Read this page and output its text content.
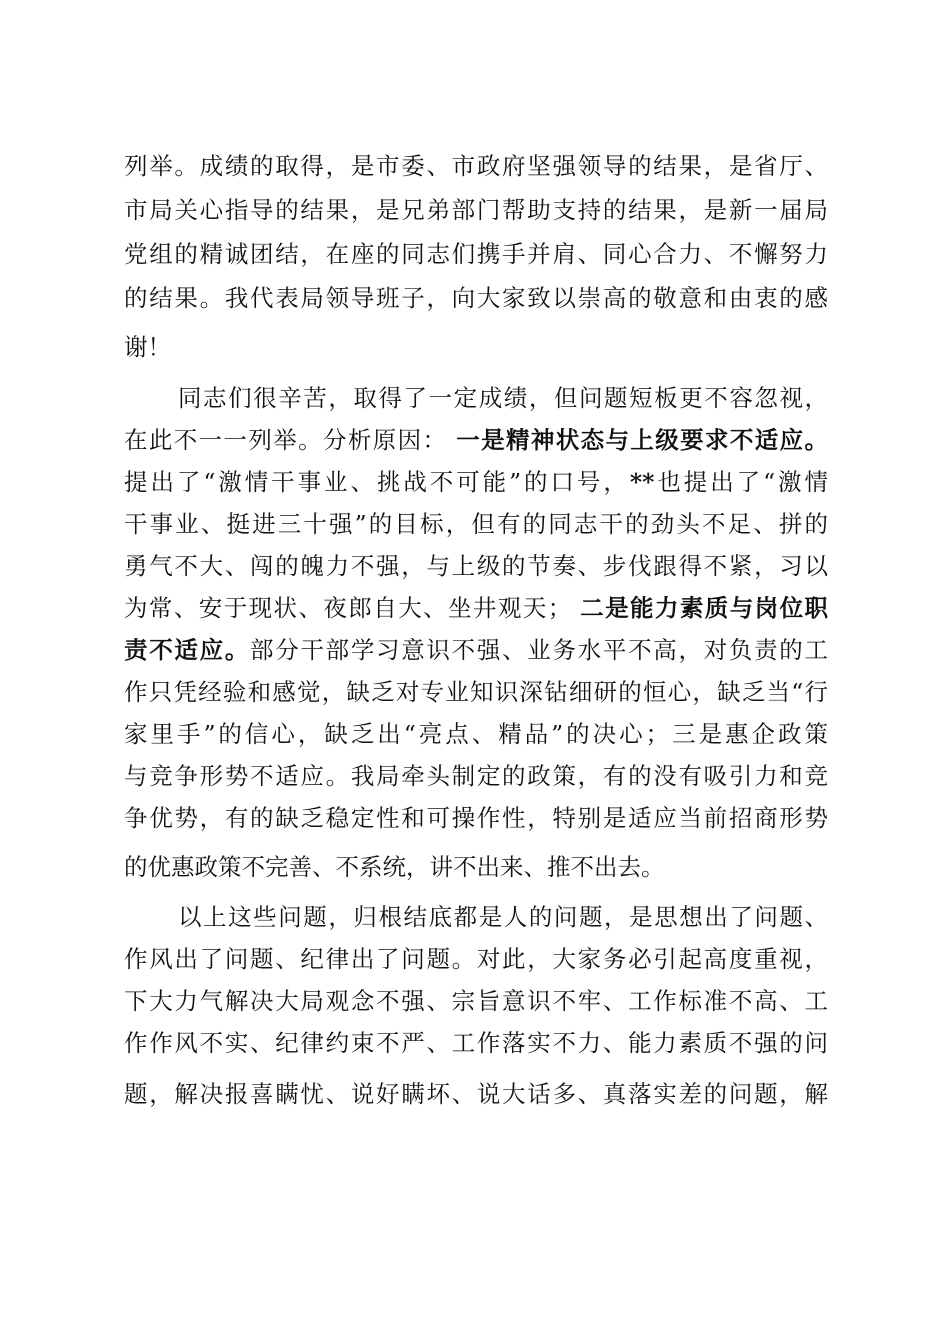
列举。成绩的取得，是市委、市政府坚强领导的结果，是省厅、
市局关心指导的结果，是兄弟部门帮助支持的结果，是新一届局
党组的精诚团结，在座的同志们携手并肩、同心合力、不懈努力
的结果。我代表局领导班子，向大家致以崇高的敬意和由衷的感
谢！
同志们很辛苦，取得了一定成绩，但问题短板更不容忽视，
在此不一一列举。分析原因： 一是精神状态与上级要求不适应。
提出了“激情干事业、挑战不可能”的口号，**也提出了“激情
干事业、挺进三十强”的目标，但有的同志干的劲头不足、拼的
勇气不大、闯的魄力不强，与上级的节奏、步伐跟得不紧，习以
为常、安于现状、夜郎自大、坐井观天； 二是能力素质与岗位职
责不适应。部分干部学习意识不强、业务水平不高，对负责的工
作只凭经验和感觉，缺乏对专业知识深钻细研的恒心，缺乏当“行
家里手”的信心，缺乏出“亮点、精品”的决心；三是惠企政策
与竞争形势不适应。我局牵头制定的政策，有的没有吸引力和竞
争优势，有的缺乏稳定性和可操作性，特别是适应当前招商形势
的优惠政策不完善、不系统，讲不出来、推不出去。
以上这些问题，归根结底都是人的问题，是思想出了问题、
作风出了问题、纪律出了问题。对此，大家务必引起高度重视，
下大力气解决大局观念不强、宗旨意识不牢、工作标准不高、工
作作风不实、纪律约束不严、工作落实不力、能力素质不强的问
题，解决报喜瞒忧、说好瞒坏、说大话多、真落实差的问题，解
